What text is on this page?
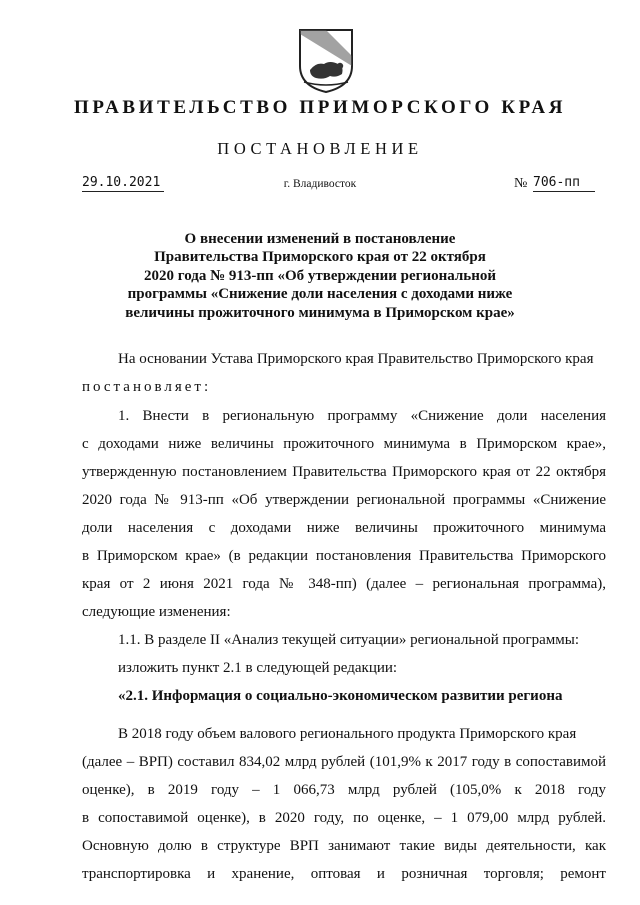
ПРАВИТЕЛЬСТВО ПРИМОРСКОГО КРАЯ
ПОСТАНОВЛЕНИЕ
29.10.2021	г. Владивосток	№ 706-пп
О внесении изменений в постановление
Правительства Приморского края от 22 октября
2020 года № 913-пп «Об утверждении региональной
программы «Снижение доли населения с доходами ниже
величины прожиточного минимума в Приморском крае»
На основании Устава Приморского края Правительство Приморского края
постановляет:
1. Внести в региональную программу «Снижение доли населения
с доходами ниже величины прожиточного минимума в Приморском крае»,
утвержденную постановлением Правительства Приморского края от 22 октября
2020 года № 913-пп «Об утверждении региональной программы «Снижение
доли населения с доходами ниже величины прожиточного минимума
в Приморском крае» (в редакции постановления Правительства Приморского
края от 2 июня 2021 года № 348-пп) (далее – региональная программа),
следующие изменения:
1.1. В разделе II «Анализ текущей ситуации» региональной программы:
изложить пункт 2.1 в следующей редакции:
«2.1. Информация о социально-экономическом развитии региона
В 2018 году объем валового регионального продукта Приморского края
(далее – ВРП) составил 834,02 млрд рублей (101,9% к 2017 году в сопоставимой
оценке), в 2019 году – 1 066,73 млрд рублей (105,0% к 2018 году
в сопоставимой оценке), в 2020 году, по оценке, – 1 079,00 млрд рублей.
Основную долю в структуре ВРП занимают такие виды деятельности, как
транспортировка и хранение, оптовая и розничная торговля; ремонт
